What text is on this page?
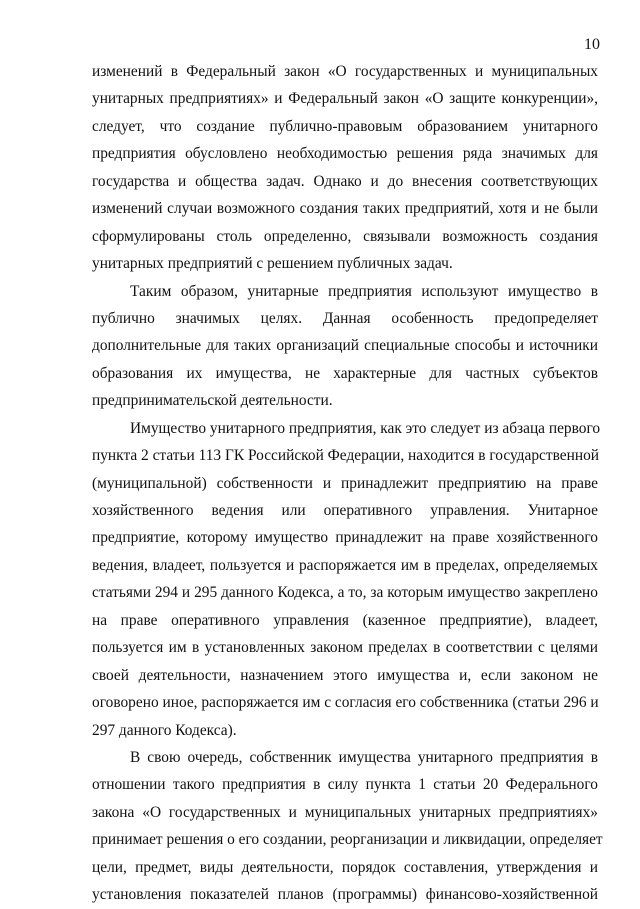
10
изменений в Федеральный закон «О государственных и муниципальных
унитарных предприятиях» и Федеральный закон «О защите конкуренции»,
следует, что создание публично-правовым образованием унитарного
предприятия обусловлено необходимостью решения ряда значимых для
государства и общества задач. Однако и до внесения соответствующих
изменений случаи возможного создания таких предприятий, хотя и не были
сформулированы столь определенно, связывали возможность создания
унитарных предприятий с решением публичных задач.
Таким образом, унитарные предприятия используют имущество в
публично значимых целях. Данная особенность предопределяет
дополнительные для таких организаций специальные способы и источники
образования их имущества, не характерные для частных субъектов
предпринимательской деятельности.
Имущество унитарного предприятия, как это следует из абзаца первого
пункта 2 статьи 113 ГК Российской Федерации, находится в государственной
(муниципальной) собственности и принадлежит предприятию на праве
хозяйственного ведения или оперативного управления. Унитарное
предприятие, которому имущество принадлежит на праве хозяйственного
ведения, владеет, пользуется и распоряжается им в пределах, определяемых
статьями 294 и 295 данного Кодекса, а то, за которым имущество закреплено
на праве оперативного управления (казенное предприятие), владеет,
пользуется им в установленных законом пределах в соответствии с целями
своей деятельности, назначением этого имущества и, если законом не
оговорено иное, распоряжается им с согласия его собственника (статьи 296 и
297 данного Кодекса).
В свою очередь, собственник имущества унитарного предприятия в
отношении такого предприятия в силу пункта 1 статьи 20 Федерального
закона «О государственных и муниципальных унитарных предприятиях»
принимает решения о его создании, реорганизации и ликвидации, определяет
цели, предмет, виды деятельности, порядок составления, утверждения и
установления показателей планов (программы) финансово-хозяйственной
